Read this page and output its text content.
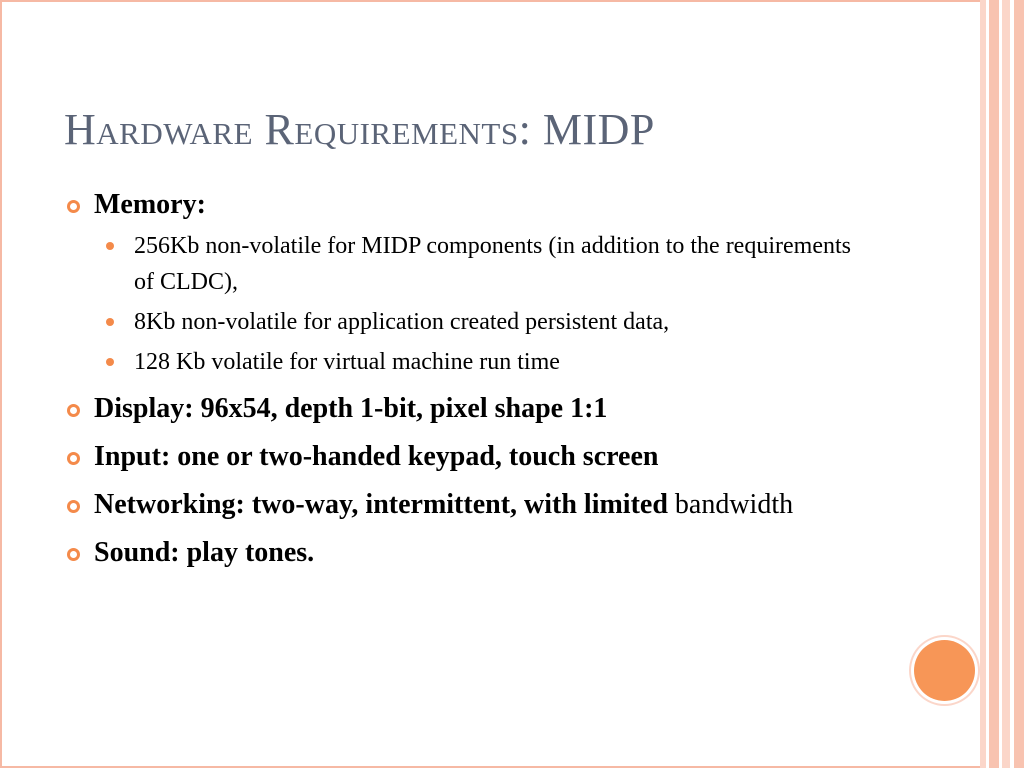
Hardware Requirements: MIDP
Memory:
256Kb non-volatile for MIDP components (in addition to the requirements of CLDC),
8Kb non-volatile for application created persistent data,
128 Kb volatile for virtual machine run time
Display: 96x54, depth 1-bit, pixel shape 1:1
Input: one or two-handed keypad, touch screen
Networking: two-way, intermittent, with limited bandwidth
Sound: play tones.
